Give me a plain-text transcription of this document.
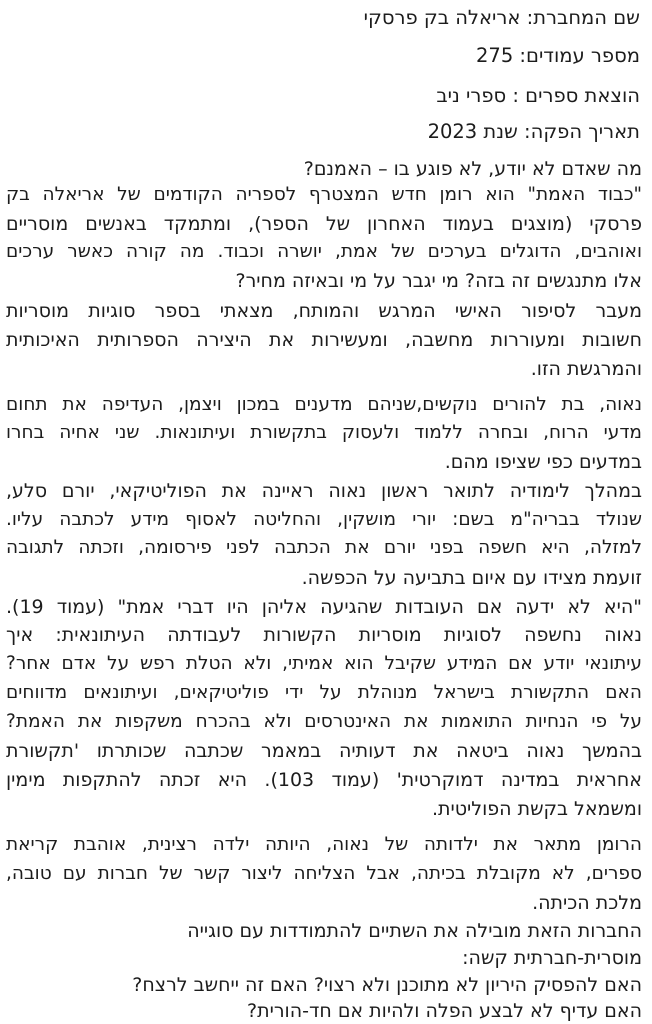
שם המחברת: אריאלה בק פרסקי
מספר עמודים: 275
הוצאת ספרים : ספרי ניב
תאריך הפקה: שנת 2023
מה שאדם לא יודע, לא פוגע בו – האמנם?
"כבוד האמת" הוא רומן חדש המצטרף לספריה הקודמים של אריאלה בק
פרסקי (מוצגים בעמוד האחרון של הספר), ומתמקד באנשים מוסריים
ואוהבים, הדוגלים בערכים של אמת, יושרה וכבוד. מה קורה כאשר ערכים
אלו מתנגשים זה בזה? מי יגבר על מי ובאיזה מחיר?
מעבר לסיפור האישי המרגש והמותח, מצאתי בספר סוגיות מוסריות
חשובות ומעוררות מחשבה, ומעשירות את היצירה הספרותית האיכותית
והמרגשת הזו.
נאוה, בת להורים נוקשים,שניהם מדענים במכון ויצמן, העדיפה את תחום
מדעי הרוח, ובחרה ללמוד ולעסוק בתקשורת ועיתונאות. שני אחיה בחרו
במדעים כפי שציפו מהם.
במהלך לימודיה לתואר ראשון נאוה ראיינה את הפוליטיקאי, יורם סלע,
שנולד בבריה"מ בשם: יורי מושקין, והחליטה לאסוף מידע לכתבה עליו.
למזלה, היא חשפה בפני יורם את הכתבה לפני פירסומה, וזכתה לתגובה
זועמת מצידו עם איום בתביעה על הכפשה.
"היא לא ידעה אם העובדות שהגיעה אליהן היו דברי אמת" (עמוד 19).
נאוה נחשפה לסוגיות מוסריות הקשורות לעבודתה העיתונאית: איך
עיתונאי יודע אם המידע שקיבל הוא אמיתי, ולא הטלת רפש על אדם אחר?
האם התקשורת בישראל מנוהלת על ידי פוליטיקאים, ועיתונאים מדווחים
על פי הנחיות התואמות את האינטרסים ולא בהכרח משקפות את האמת?
בהמשך נאוה ביטאה את דעותיה במאמר שכתבה שכותרתו 'תקשורת
אחראית במדינה דמוקרטית' (עמוד 103). היא זכתה להתקפות מימין
ומשמאל בקשת הפוליטית.
הרומן מתאר את ילדותה של נאוה, היותה ילדה רצינית, אוהבת קריאת
ספרים, לא מקובלת בכיתה, אבל הצליחה ליצור קשר של חברות עם טובה,
מלכת הכיתה.
החברות הזאת מובילה את השתיים להתמודדות עם סוגייה
מוסרית-חברתית קשה:
האם להפסיק היריון לא מתוכנן ולא רצוי? האם זה ייחשב לרצח?
האם עדיף לא לבצע הפלה ולהיות אם חד-הורית?
